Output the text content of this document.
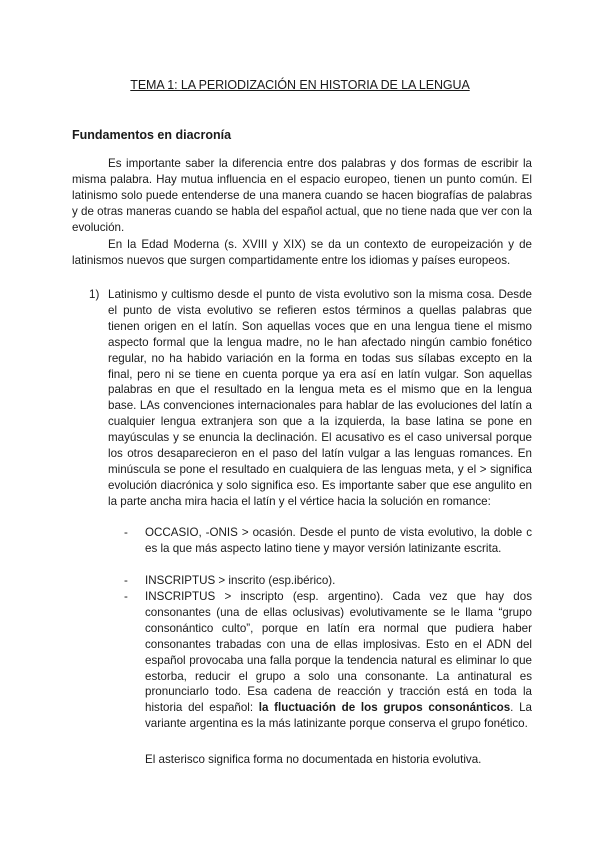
TEMA 1: LA PERIODIZACIÓN EN HISTORIA DE LA LENGUA
Fundamentos en diacronía
Es importante saber la diferencia entre dos palabras y dos formas de escribir la misma palabra. Hay mutua influencia en el espacio europeo, tienen un punto común. El latinismo solo puede entenderse de una manera cuando se hacen biografías de palabras y de otras maneras cuando se habla del español actual, que no tiene nada que ver con la evolución.
En la Edad Moderna (s. XVIII y XIX) se da un contexto de europeización y de latinismos nuevos que surgen compartidamente entre los idiomas y países europeos.
1) Latinismo y cultismo desde el punto de vista evolutivo son la misma cosa. Desde el punto de vista evolutivo se refieren estos términos a quellas palabras que tienen origen en el latín. Son aquellas voces que en una lengua tiene el mismo aspecto formal que la lengua madre, no le han afectado ningún cambio fonético regular, no ha habido variación en la forma en todas sus sílabas excepto en la final, pero ni se tiene en cuenta porque ya era así en latín vulgar. Son aquellas palabras en que el resultado en la lengua meta es el mismo que en la lengua base. LAs convenciones internacionales para hablar de las evoluciones del latín a cualquier lengua extranjera son que a la izquierda, la base latina se pone en mayúsculas y se enuncia la declinación. El acusativo es el caso universal porque los otros desaparecieron en el paso del latín vulgar a las lenguas romances. En minúscula se pone el resultado en cualquiera de las lenguas meta, y el > significa evolución diacrónica y solo significa eso. Es importante saber que ese angulito en la parte ancha mira hacia el latín y el vértice hacia la solución en romance:
- OCCASIO, -ONIS > ocasión. Desde el punto de vista evolutivo, la doble c es la que más aspecto latino tiene y mayor versión latinizante escrita.
- INSCRIPTUS > inscrito (esp.ibérico).
- INSCRIPTUS > inscripto (esp. argentino). Cada vez que hay dos consonantes (una de ellas oclusivas) evolutivamente se le llama “grupo consonántico culto”, porque en latín era normal que pudiera haber consonantes trabadas con una de ellas implosivas. Esto en el ADN del español provocaba una falla porque la tendencia natural es eliminar lo que estorba, reducir el grupo a solo una consonante. La antinatural es pronunciarlo todo. Esa cadena de reacción y tracción está en toda la historia del español: la fluctuación de los grupos consonánticos. La variante argentina es la más latinizante porque conserva el grupo fonético.
El asterisco significa forma no documentada en historia evolutiva.
